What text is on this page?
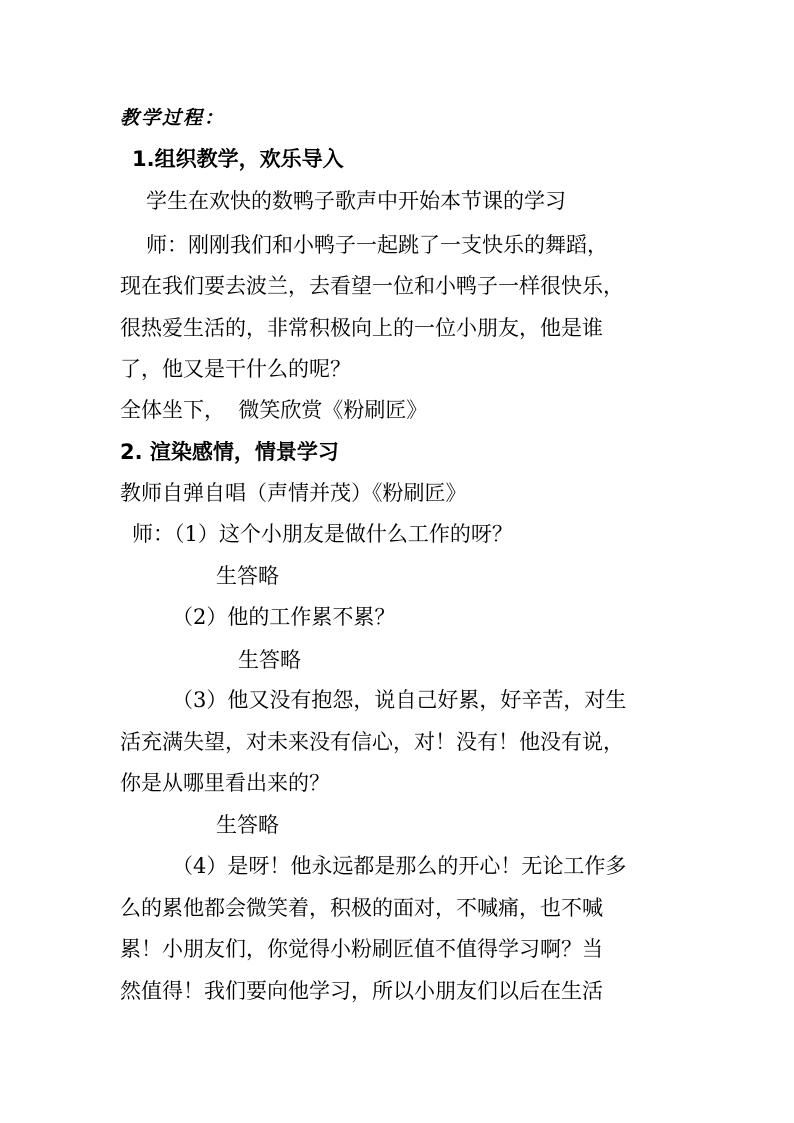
教学过程：

1.组织教学，欢乐导入

学生在欢快的数鸭子歌声中开始本节课的学习

师：刚刚我们和小鸭子一起跳了一支快乐的舞蹈，

现在我们要去波兰，去看望一位和小鸭子一样很快乐，

很热爱生活的，非常积极向上的一位小朋友，他是谁

了，他又是干什么的呢？

全体坐下，  微笑欣赏《粉刷匠》

2. 渲染感情，情景学习

教师自弹自唱（声情并茂）《粉刷匠》

师：（1）这个小朋友是做什么工作的呀？

生答略

（2）他的工作累不累？

生答略

（3）他又没有抱怨，说自己好累，好辛苦，对生

活充满失望，对未来没有信心，对！没有！他没有说，

你是从哪里看出来的？

生答略

（4）是呀！他永远都是那么的开心！无论工作多

么的累他都会微笑着，积极的面对，不喊痛，也不喊

累！小朋友们，你觉得小粉刷匠值不值得学习啊？当

然值得！我们要向他学习，所以小朋友们以后在生活
